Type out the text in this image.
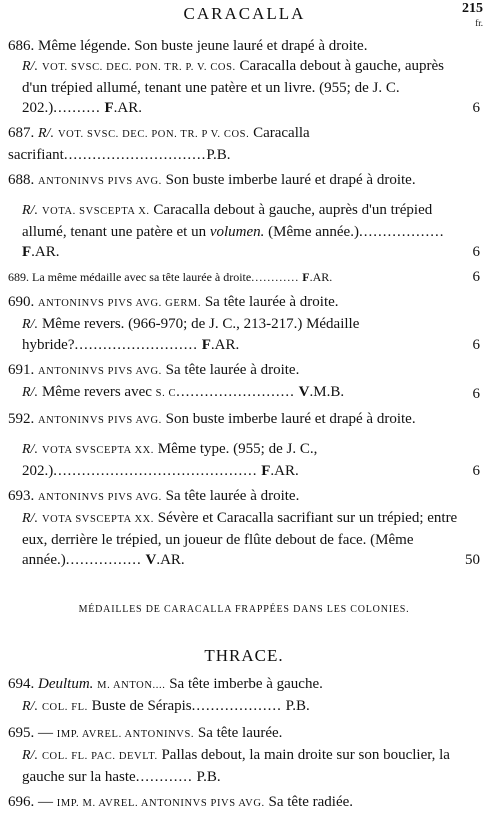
CARACALLA	215
fr.
686. Même légende. Son buste jeune lauré et drapé à droite.
R/. VOT. SVSC. DEC. PON. TR. P. V. COS. Caracalla debout à gauche, auprès d'un trépied allumé, tenant une patère et un livre. (955; de J. C. 202.).......... F.AR.	6
687. R/. VOT. SVSC. DEC. PON. TR. P V. COS. Caracalla sacrifiant..............................P.B.
688. ANTONINVS PIVS AVG. Son buste imberbe lauré et drapé à droite.
R/. VOTA. SVSCEPTA X. Caracalla debout à gauche, auprès d'un trépied allumé, tenant une patère et un volumen. (Même année.).................. F.AR.	6
689. La même médaille avec sa tête laurée à droite............ F.AR.	6
690. ANTONINVS PIVS AVG. GERM. Sa tête laurée à droite.
R/. Même revers. (966-970; de J. C., 213-217.) Médaille hybride?.......................... F.AR.	6
691. ANTONINVS PIVS AVG. Sa tête laurée à droite.
R/. Même revers avec S. C......................... V.M.B.	6
592. ANTONINVS PIVS AVG. Son buste imberbe lauré et drapé à droite.
R/. VOTA SVSCEPTA XX. Même type. (955; de J. C., 202.)........................................... F.AR.	6
693. ANTONINVS PIVS AVG. Sa tête laurée à droite.
R/. VOTA SVSCEPTA XX. Sévère et Caracalla sacrifiant sur un trépied; entre eux, derrière le trépied, un joueur de flûte debout de face. (Même année.)................ V.AR.	50
MÉDAILLES DE CARACALLA FRAPPÉES DANS LES COLONIES.
THRACE.
694. Deultum. M. ANTON.... Sa tête imberbe à gauche.
R/. COL. FL. Buste de Sérapis................... P.B.
695. — IMP. AVREL. ANTONINVS. Sa tête laurée.
R/. COL. FL. PAC. DEVLT. Pallas debout, la main droite sur son bouclier, la gauche sur la haste............ P.B.
696. — IMP. M. AVREL. ANTONINVS PIVS AVG. Sa tête radiée.
